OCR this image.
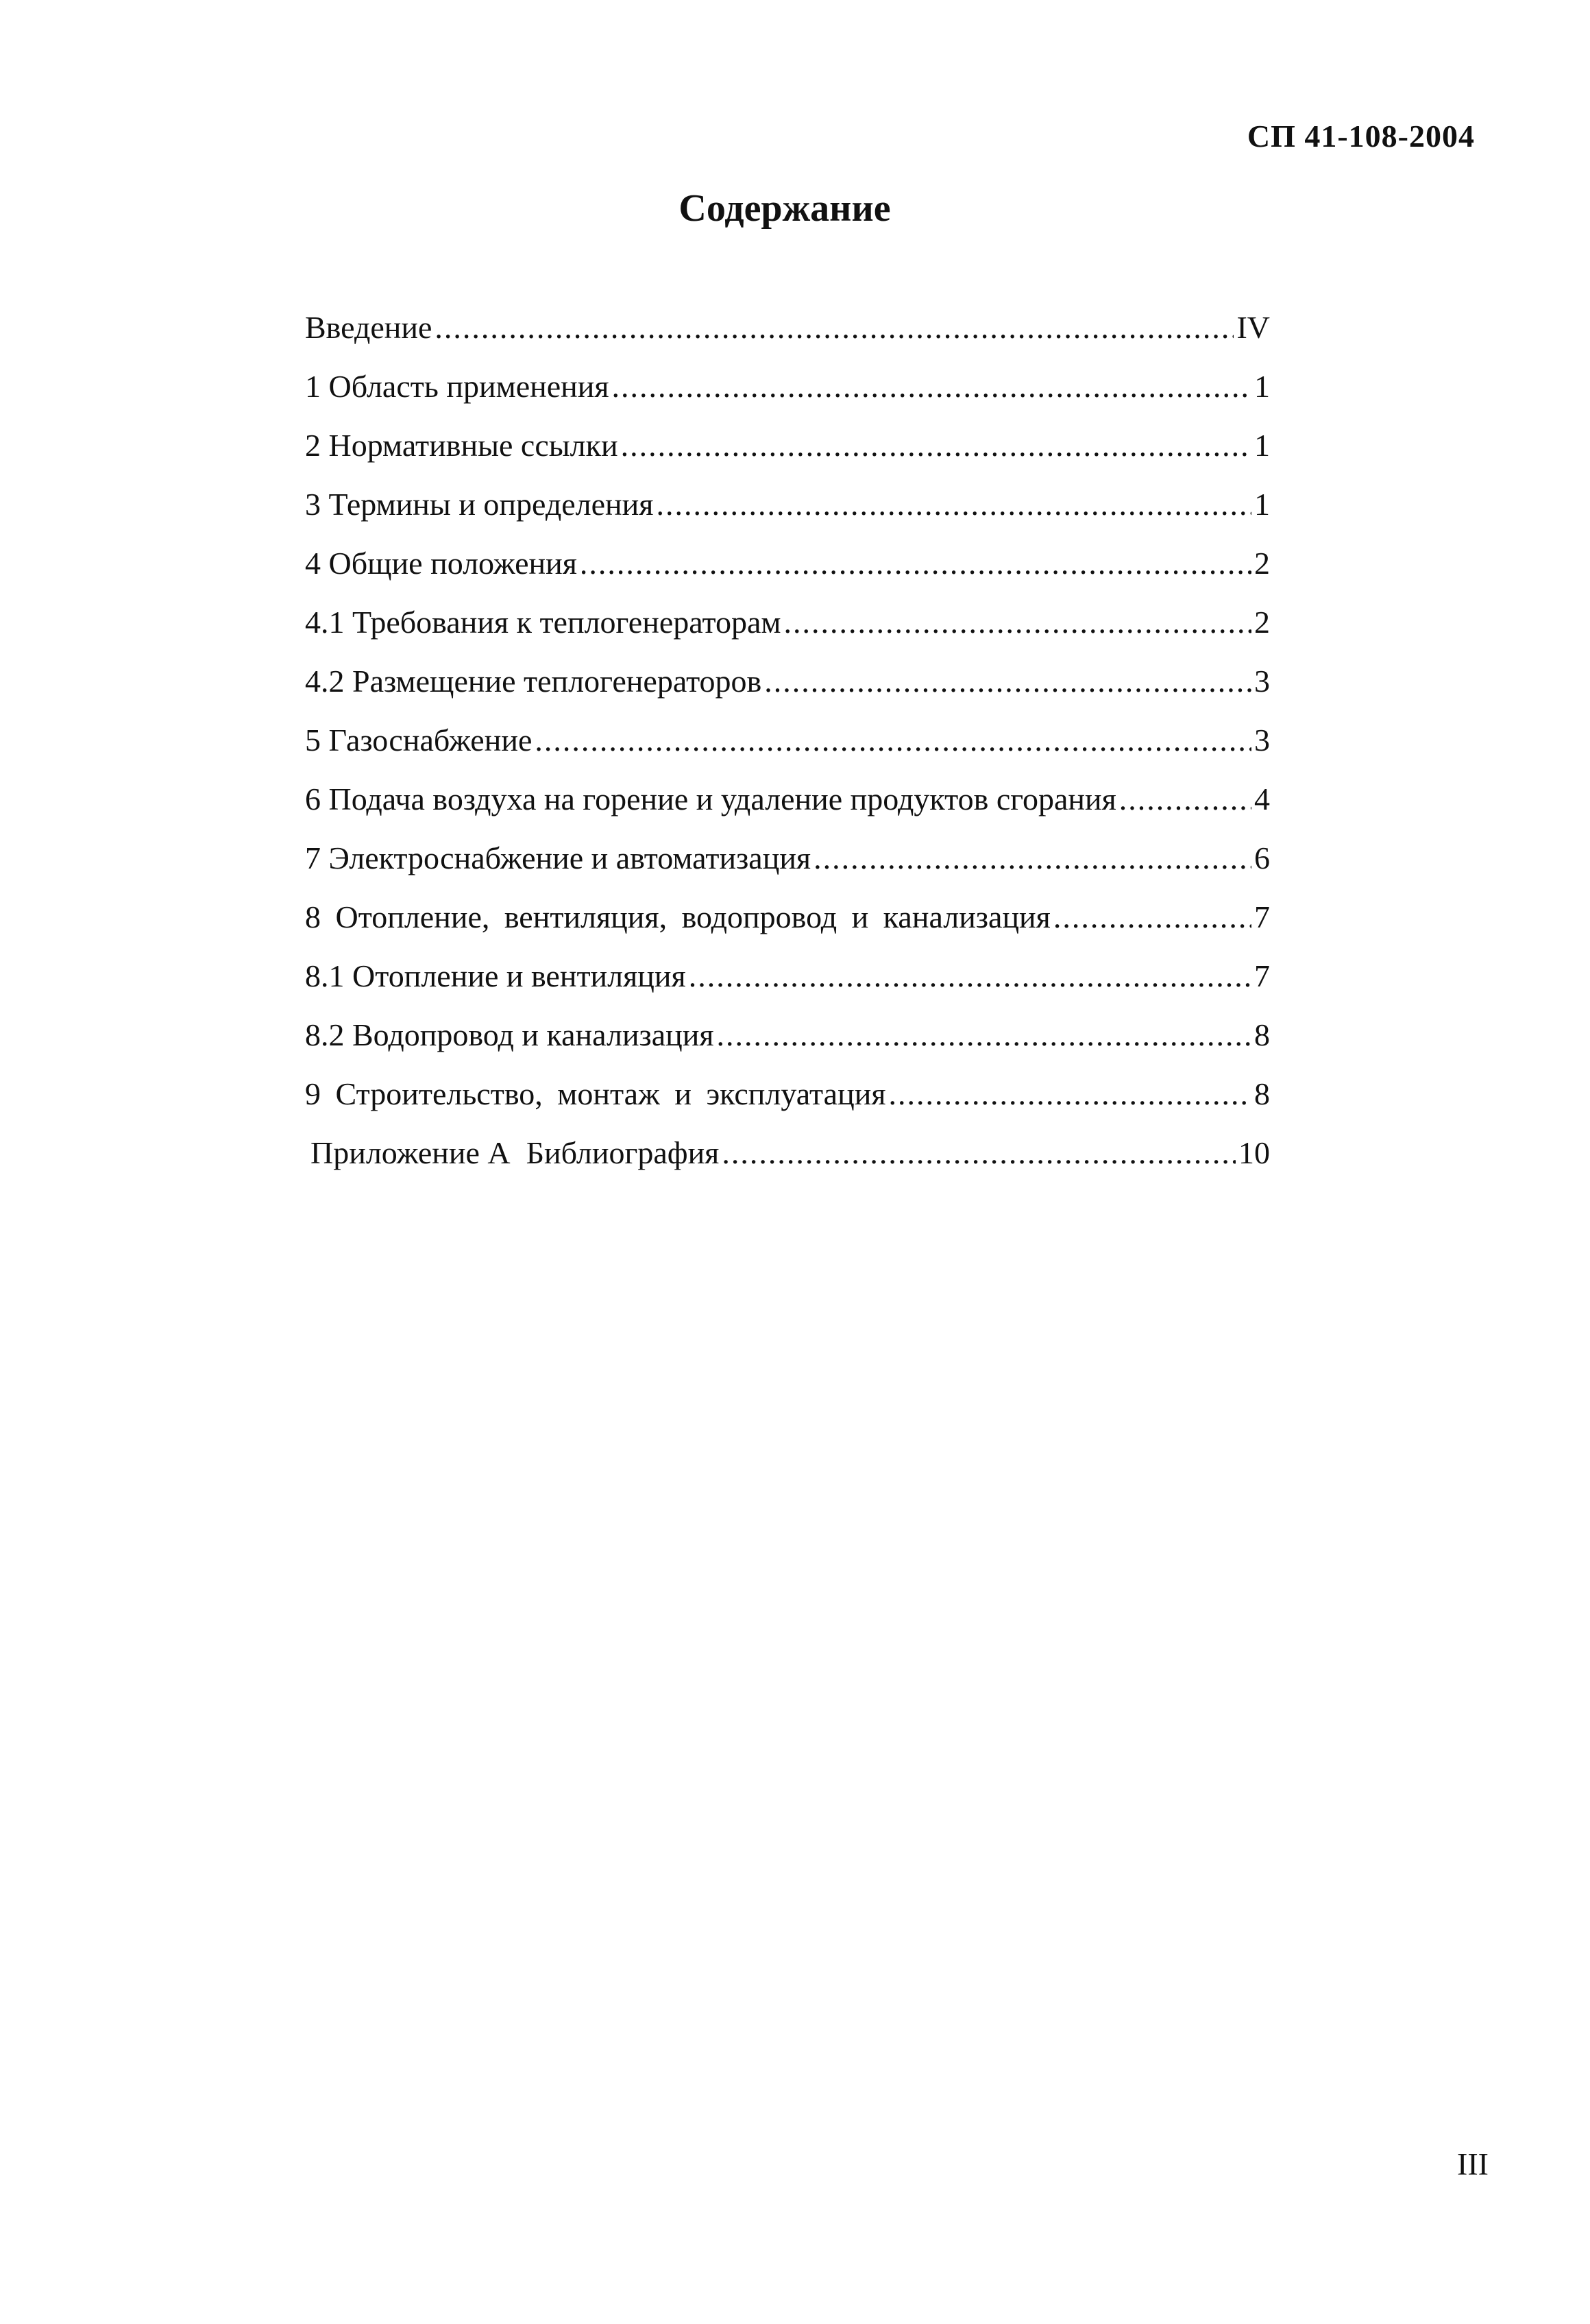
СП 41-108-2004
Содержание
Введение .....	IV
1 Область применения .....	1
2 Нормативные ссылки .....	1
3 Термины и определения .....	1
4 Общие положения .....	2
4.1 Требования к теплогенераторам .....	2
4.2 Размещение теплогенераторов .....	3
5 Газоснабжение .....	3
6 Подача воздуха на горение и удаление продуктов сгорания .....	4
7 Электроснабжение и автоматизация .....	6
8 Отопление, вентиляция, водопровод и канализация .....	7
8.1 Отопление и вентиляция .....	7
8.2 Водопровод и канализация .....	8
9 Строительство, монтаж и эксплуатация .....	8
Приложение А  Библиография .....	10
III
